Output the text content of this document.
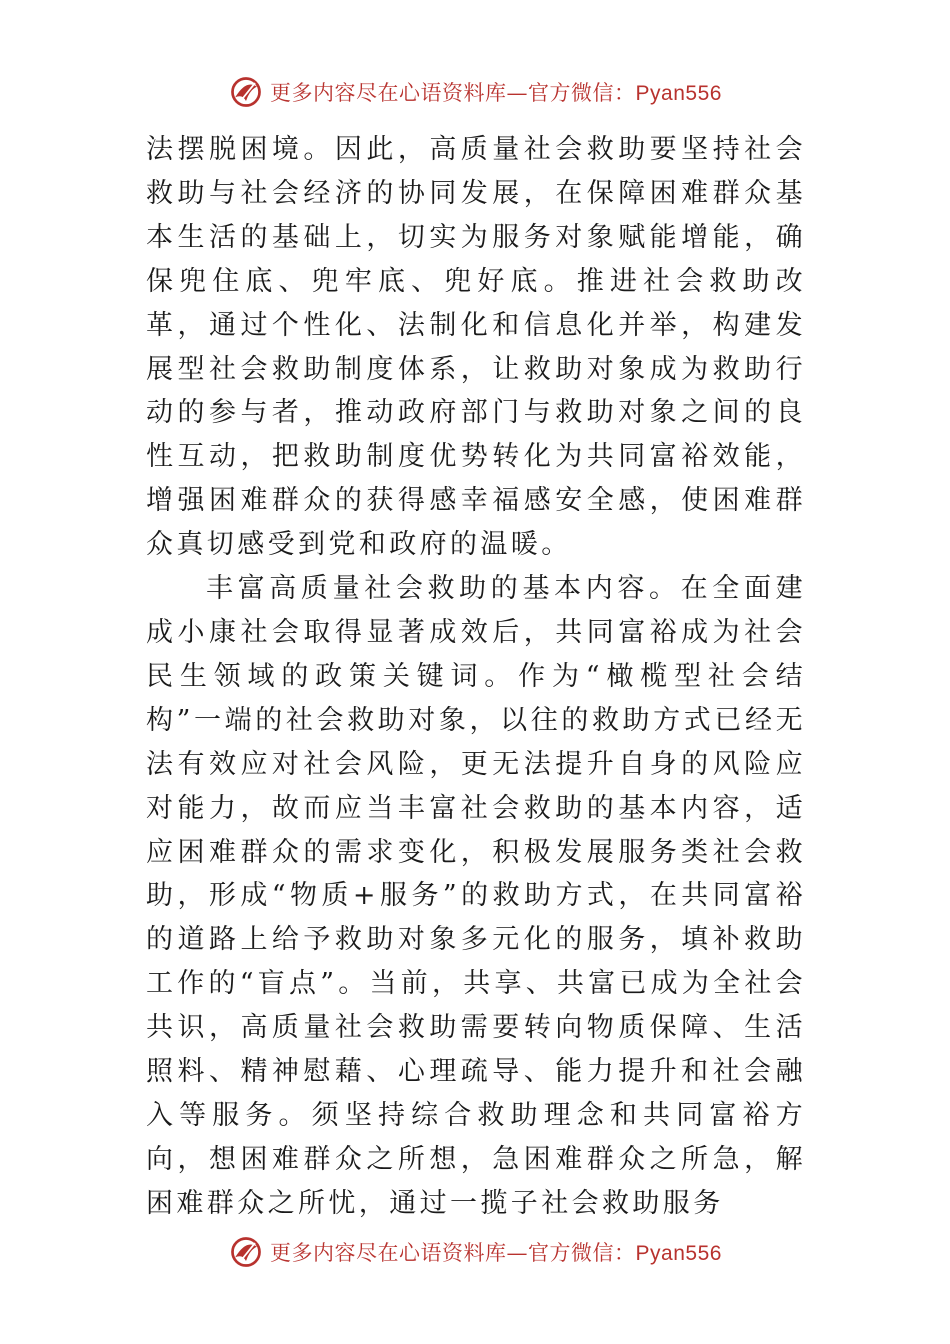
更多内容尽在心语资料库—官方微信：Pyan556

法摆脱困境。因此，高质量社会救助要坚持社会救助与社会经济的协同发展，在保障困难群众基本生活的基础上，切实为服务对象赋能增能，确保兜住底、兜牢底、兜好底。推进社会救助改革，通过个性化、法制化和信息化并举，构建发展型社会救助制度体系，让救助对象成为救助行动的参与者，推动政府部门与救助对象之间的良性互动，把救助制度优势转化为共同富裕效能，增强困难群众的获得感幸福感安全感，使困难群众真切感受到党和政府的温暖。

丰富高质量社会救助的基本内容。在全面建成小康社会取得显著成效后，共同富裕成为社会民生领域的政策关键词。作为“橄榄型社会结构”一端的社会救助对象，以往的救助方式已经无法有效应对社会风险，更无法提升自身的风险应对能力，故而应当丰富社会救助的基本内容，适应困难群众的需求变化，积极发展服务类社会救助，形成“物质+服务”的救助方式，在共同富裕的道路上给予救助对象多元化的服务，填补救助工作的“盲点”。当前，共享、共富已成为全社会共识，高质量社会救助需要转向物质保障、生活照料、精神慰藉、心理疏导、能力提升和社会融入等服务。须坚持综合救助理念和共同富裕方向，想困难群众之所想，急困难群众之所急，解困难群众之所忧，通过一揽子社会救助服务

更多内容尽在心语资料库—官方微信：Pyan556
